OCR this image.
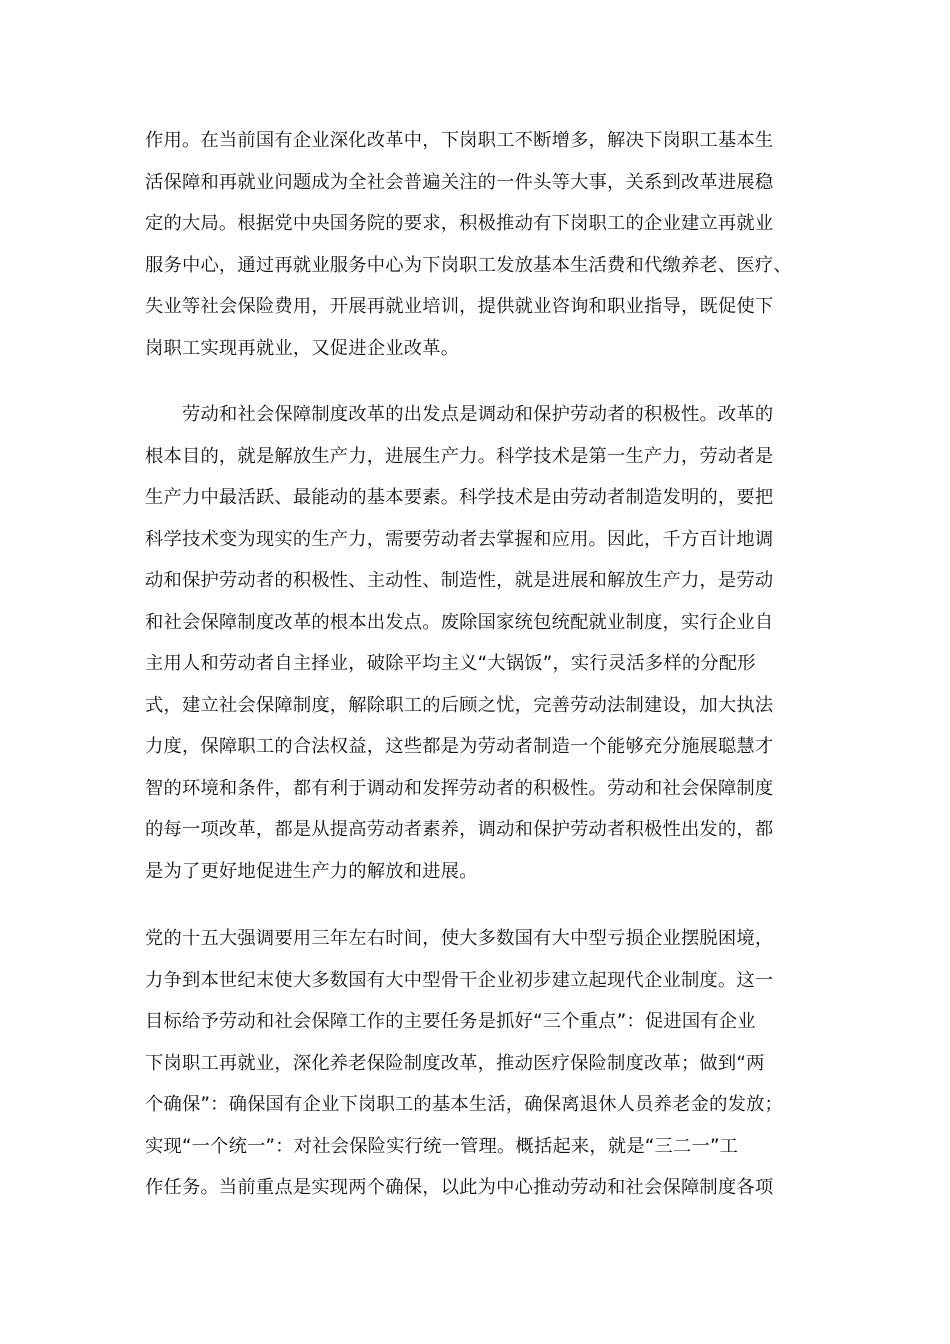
作用。在当前国有企业深化改革中，下岗职工不断增多，解决下岗职工基本生
活保障和再就业问题成为全社会普遍关注的一件头等大事，关系到改革进展稳
定的大局。根据党中央国务院的要求，积极推动有下岗职工的企业建立再就业
服务中心，通过再就业服务中心为下岗职工发放基本生活费和代缴养老、医疗、
失业等社会保险费用，开展再就业培训，提供就业咨询和职业指导，既促使下
岗职工实现再就业，又促进企业改革。
劳动和社会保障制度改革的出发点是调动和保护劳动者的积极性。改革的
根本目的，就是解放生产力，进展生产力。科学技术是第一生产力，劳动者是
生产力中最活跃、最能动的基本要素。科学技术是由劳动者制造发明的，要把
科学技术变为现实的生产力，需要劳动者去掌握和应用。因此，千方百计地调
动和保护劳动者的积极性、主动性、制造性，就是进展和解放生产力，是劳动
和社会保障制度改革的根本出发点。废除国家统包统配就业制度，实行企业自
主用人和劳动者自主择业，破除平均主义“大锅饭”，实行灵活多样的分配形
式，建立社会保障制度，解除职工的后顾之忧，完善劳动法制建设，加大执法
力度，保障职工的合法权益，这些都是为劳动者制造一个能够充分施展聪慧才
智的环境和条件，都有利于调动和发挥劳动者的积极性。劳动和社会保障制度
的每一项改革，都是从提高劳动者素养，调动和保护劳动者积极性出发的，都
是为了更好地促进生产力的解放和进展。
党的十五大强调要用三年左右时间，使大多数国有大中型亏损企业摆脱困境，
力争到本世纪末使大多数国有大中型骨干企业初步建立起现代企业制度。这一
目标给予劳动和社会保障工作的主要任务是抓好“三个重点”：促进国有企业
下岗职工再就业，深化养老保险制度改革，推动医疗保险制度改革；做到“两
个确保”：确保国有企业下岗职工的基本生活，确保离退休人员养老金的发放；
实现“一个统一”：对社会保险实行统一管理。概括起来，就是“三二一”工
作任务。当前重点是实现两个确保，以此为中心推动劳动和社会保障制度各项
